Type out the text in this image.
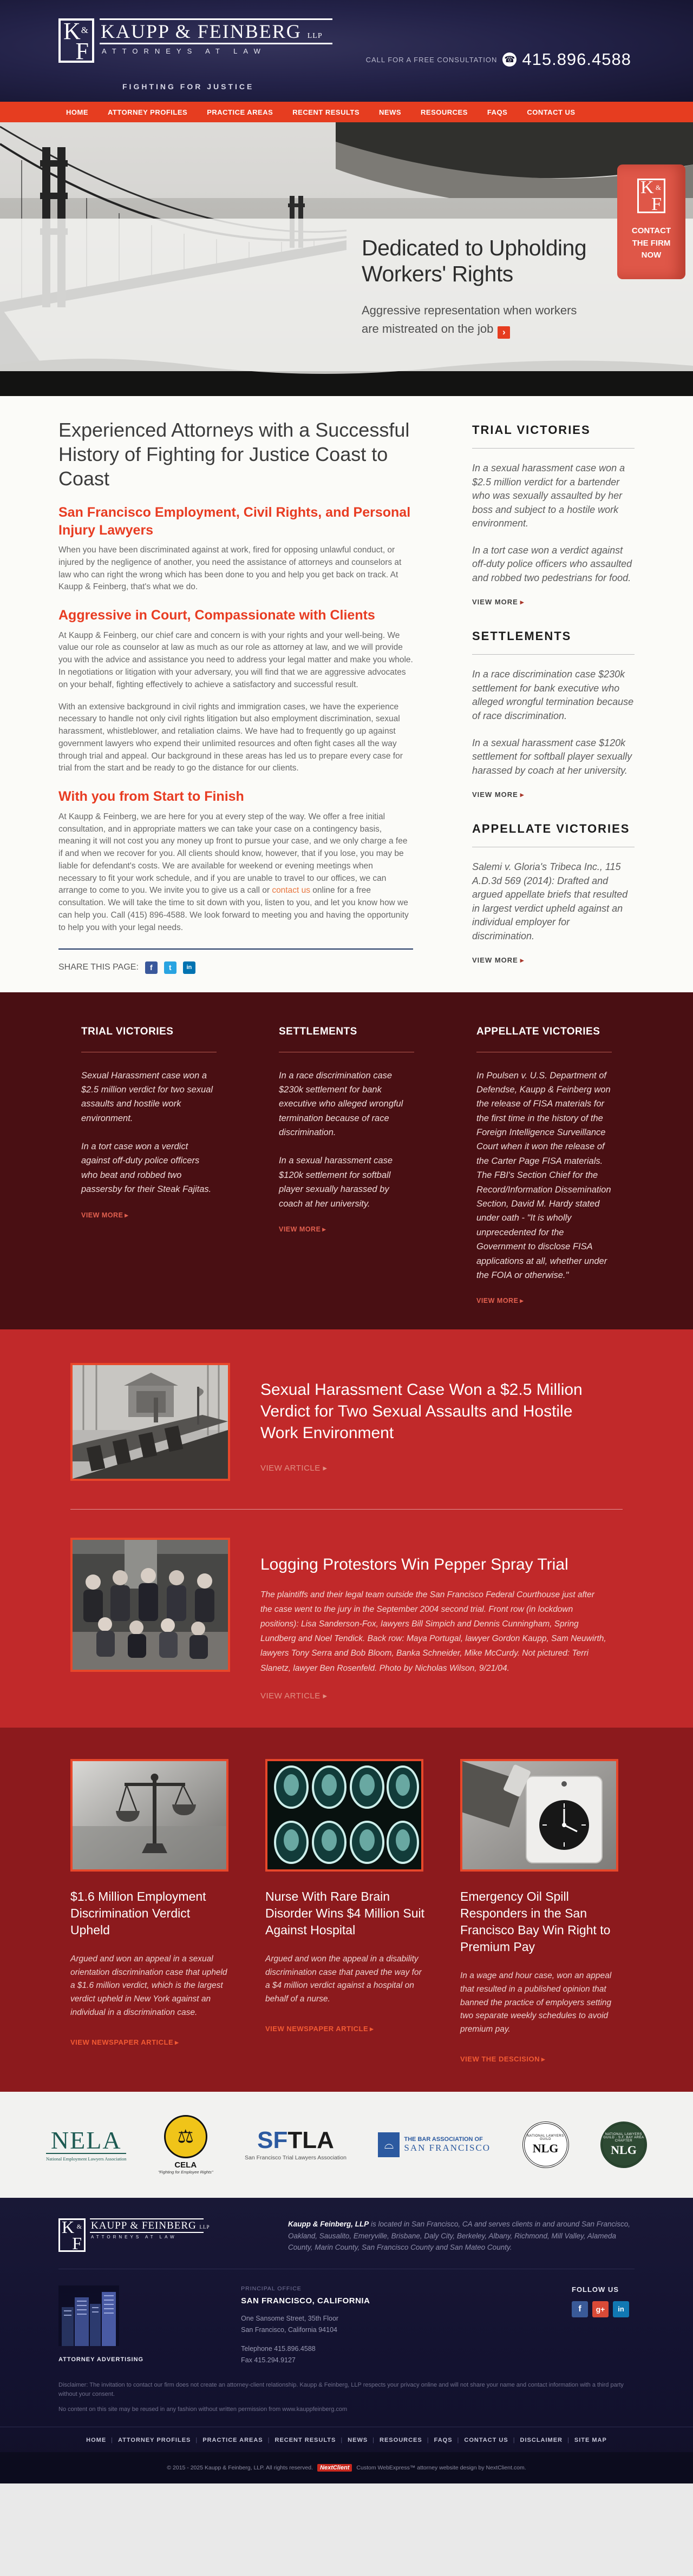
K &
F
KAUPP & FEINBERG LLP
ATTORNEYS AT LAW
FIGHTING FOR JUSTICE
CALL FOR A FREE CONSULTATION ☎ 415.896.4588
HOME	ATTORNEY PROFILES	PRACTICE AREAS	RECENT RESULTS	NEWS	RESOURCES	FAQS	CONTACT US
Dedicated to Upholding
Workers' Rights
Aggressive representation when workers
are mistreated on the job ›
K &
F
CONTACT
THE FIRM
NOW
Experienced Attorneys with a Successful History of Fighting for Justice Coast to Coast
San Francisco Employment, Civil Rights, and Personal Injury Lawyers

When you have been discriminated against at work, fired for opposing unlawful conduct, or injured by the negligence of another, you need the assistance of attorneys and counselors at law who can right the wrong which has been done to you and help you get back on track. At Kaupp & Feinberg, that's what we do.

Aggressive in Court, Compassionate with Clients

At Kaupp & Feinberg, our chief care and concern is with your rights and your well-being. We value our role as counselor at law as much as our role as attorney at law, and we will provide you with the advice and assistance you need to address your legal matter and make you whole. In negotiations or litigation with your adversary, you will find that we are aggressive advocates on your behalf, fighting effectively to achieve a satisfactory and successful result.

With an extensive background in civil rights and immigration cases, we have the experience necessary to handle not only civil rights litigation but also employment discrimination, sexual harassment, whistleblower, and retaliation claims. We have had to frequently go up against government lawyers who expend their unlimited resources and often fight cases all the way through trial and appeal. Our background in these areas has led us to prepare every case for trial from the start and be ready to go the distance for our clients.

With you from Start to Finish

At Kaupp & Feinberg, we are here for you at every step of the way. We offer a free initial consultation, and in appropriate matters we can take your case on a contingency basis, meaning it will not cost you any money up front to pursue your case, and we only charge a fee if and when we recover for you. All clients should know, however, that if you lose, you may be liable for defendant's costs. We are available for weekend or evening meetings when necessary to fit your work schedule, and if you are unable to travel to our offices, we can arrange to come to you. We invite you to give us a call or contact us online for a free consultation. We will take the time to sit down with you, listen to you, and let you know how we can help you. Call (415) 896-4588. We look forward to meeting you and having the opportunity to help you with your legal needs.

SHARE THIS PAGE: f t	in
TRIAL VICTORIES

In a sexual harassment case won a $2.5 million verdict for a bartender who was sexually assaulted by her boss and subject to a hostile work environment.

In a tort case won a verdict against off-duty police officers who assaulted and robbed two pedestrians for food.

VIEW MORE ▸
SETTLEMENTS

In a race discrimination case $230k settlement for bank executive who alleged wrongful termination because of race discrimination.

In a sexual harassment case $120k settlement for softball player sexually harassed by coach at her university.

VIEW MORE ▸
APPELLATE VICTORIES

Salemi v. Gloria's Tribeca Inc., 115 A.D.3d 569 (2014): Drafted and argued appellate briefs that resulted in largest verdict upheld against an individual employer for discrimination.

VIEW MORE ▸
TRIAL VICTORIES

Sexual Harassment case won a $2.5 million verdict for two sexual assaults and hostile work environment.

In a tort case won a verdict against off-duty police officers who beat and robbed two passersby for their Steak Fajitas.

VIEW MORE ▸
SETTLEMENTS

In a race discrimination case $230k settlement for bank executive who alleged wrongful termination because of race discrimination.

In a sexual harassment case $120k settlement for softball player sexually harassed by coach at her university.

VIEW MORE ▸
APPELLATE VICTORIES

In Poulsen v. U.S. Department of Defendse, Kaupp & Feinberg won the release of FISA materials for the first time in the history of the Foreign Intelligence Surveillance Court when it won the release of the Carter Page FISA materials. The FBI's Section Chief for the Record/Information Dissemination Section, David M. Hardy stated under oath - "It is wholly unprecedented for the Government to disclose FISA applications at all, whether under the FOIA or otherwise."

VIEW MORE ▸
Sexual Harassment Case Won a $2.5 Million Verdict for Two Sexual Assaults and Hostile Work Environment
VIEW ARTICLE ▸
Logging Protestors Win Pepper Spray Trial

The plaintiffs and their legal team outside the San Francisco Federal Courthouse just after the case went to the jury in the September 2004 second trial. Front row (in lockdown positions): Lisa Sanderson-Fox, lawyers Bill Simpich and Dennis Cunningham, Spring Lundberg and Noel Tendick. Back row: Maya Portugal, lawyer Gordon Kaupp, Sam Neuwirth, lawyers Tony Serra and Bob Bloom, Banka Schneider, Mike McCurdy. Not pictured: Terri Slanetz, lawyer Ben Rosenfeld. Photo by Nicholas Wilson, 9/21/04.

VIEW ARTICLE ▸
$1.6 Million Employment Discrimination Verdict Upheld

Argued and won an appeal in a sexual orientation discrimination case that upheld a $1.6 million verdict, which is the largest verdict upheld in New York against an individual in a discrimination case.

VIEW NEWSPAPER ARTICLE ▸
Nurse With Rare Brain Disorder Wins $4 Million Suit Against Hospital

Argued and won the appeal in a disability discrimination case that paved the way for a $4 million verdict against a hospital on behalf of a nurse.

VIEW NEWSPAPER ARTICLE ▸
Emergency Oil Spill Responders in the San Francisco Bay Win Right to Premium Pay

In a wage and hour case, won an appeal that resulted in a published opinion that banned the practice of employers setting two separate weekly schedules to avoid premium pay.

VIEW THE DESCISION ▸
NELA
National Employment Lawyers Association
⚖
CELA
"Fighting for Employee Rights"
SFTLA
San Francisco Trial Lawyers Association
⌓ THE BAR ASSOCIATION OF
SAN FRANCISCO
NATIONAL LAWYERS GUILD
NLG
NATIONAL LAWYERS GUILD · S.F. BAY AREA CHAPTER
NLG
K &
F
KAUPP & FEINBERG LLP
ATTORNEYS AT LAW
Kaupp & Feinberg, LLP is located in San Francisco, CA and serves clients in and around San Francisco, Oakland, Sausalito, Emeryville, Brisbane, Daly City, Berkeley, Albany, Richmond, Mill Valley, Alameda County, Marin County, San Francisco County and San Mateo County.
ATTORNEY ADVERTISING
PRINCIPAL OFFICE
SAN FRANCISCO, CALIFORNIA
One Sansome Street, 35th Floor
San Francisco, California 94104
Telephone 415.896.4588
Fax 415.294.9127
FOLLOW US
f g+ in
Disclaimer: The invitation to contact our firm does not create an attorney-client relationship. Kaupp & Feinberg, LLP respects your privacy online and will not share your name and contact information with a third party without your consent.
No content on this site may be reused in any fashion without written permission from www.kauppfeinberg.com
HOME | ATTORNEY PROFILES | PRACTICE AREAS | RECENT RESULTS | NEWS | RESOURCES | FAQS | CONTACT US | DISCLAIMER | SITE MAP
© 2015 - 2025 Kaupp & Feinberg, LLP. All rights reserved.	NextClient	Custom WebExpress™ attorney website design by NextClient.com.
